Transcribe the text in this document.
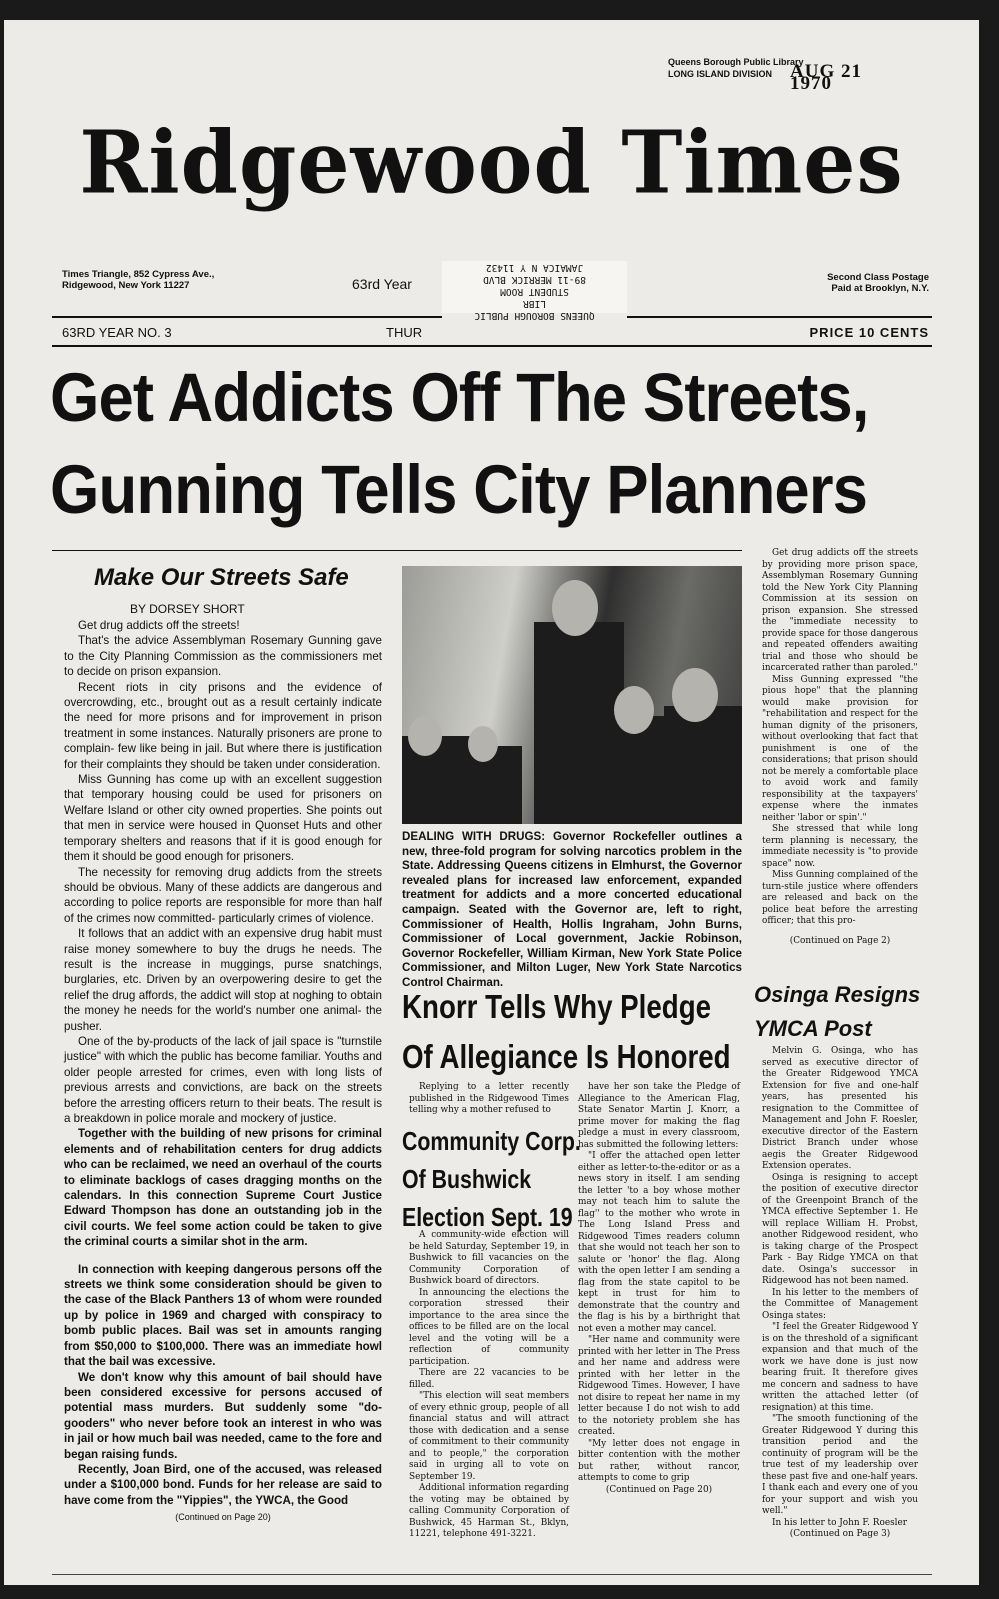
Queens Borough Public Library
LONG ISLAND DIVISION AUG 21 1970
Ridgewood Times
Times Triangle, 852 Cypress Ave.,
Ridgewood, New York 11227	63rd Year
JAMAICA N Y 11432
89-11 MERRICK BLVD
STUDENT ROOM
LIBR
QUEENS BOROUGH PUBLIC
Second Class Postage
Paid at Brooklyn, N.Y.
63RD YEAR NO. 3	THUR	PRICE 10 CENTS
Get Addicts Off The Streets,
Gunning Tells City Planners
Make Our Streets Safe
BY DORSEY SHORT

Get drug addicts off the streets!

That's the advice Assemblyman Rosemary Gunning gave to the City Planning Commission as the commissioners met to decide on prison expansion.

Recent riots in city prisons and the evidence of overcrowding, etc., brought out as a result certainly indicate the need for more prisons and for improvement in prison treatment in some instances. Naturally prisoners are prone to complain- few like being in jail. But where there is justification for their complaints they should be taken under consideration.

Miss Gunning has come up with an excellent suggestion that temporary housing could be used for prisoners on Welfare Island or other city owned properties. She points out that men in service were housed in Quonset Huts and other temporary shelters and reasons that if it is good enough for them it should be good enough for prisoners.

The necessity for removing drug addicts from the streets should be obvious. Many of these addicts are dangerous and according to police reports are responsible for more than half of the crimes now committed- particularly crimes of violence.

It follows that an addict with an expensive drug habit must raise money somewhere to buy the drugs he needs. The result is the increase in muggings, purse snatchings, burglaries, etc. Driven by an overpowering desire to get the relief the drug affords, the addict will stop at noghing to obtain the money he needs for the world's number one animal- the pusher.

One of the by-products of the lack of jail space is "turnstile justice" with which the public has become familiar. Youths and older people arrested for crimes, even with long lists of previous arrests and convictions, are back on the streets before the arresting officers return to their beats. The result is a breakdown in police morale and mockery of justice.

Together with the building of new prisons for criminal elements and of rehabilitation centers for drug addicts who can be reclaimed, we need an overhaul of the courts to eliminate backlogs of cases dragging months on the calendars. In this connection Supreme Court Justice Edward Thompson has done an outstanding job in the civil courts. We feel some action could be taken to give the criminal courts a similar shot in the arm.

In connection with keeping dangerous persons off the streets we think some consideration should be given to the case of the Black Panthers 13 of whom were rounded up by police in 1969 and charged with conspiracy to bomb public places. Bail was set in amounts ranging from $50,000 to $100,000. There was an immediate howl that the bail was excessive.

We don't know why this amount of bail should have been considered excessive for persons accused of potential mass murders. But suddenly some "do-gooders" who never before took an interest in who was in jail or how much bail was needed, came to the fore and began raising funds.

Recently, Joan Bird, one of the accused, was released under a $100,000 bond. Funds for her release are said to have come from the "Yippies", the YWCA, the Good

(Continued on Page 20)

DEALING WITH DRUGS: Governor Rockefeller outlines a new, three-fold program for solving narcotics problem in the State. Addressing Queens citizens in Elmhurst, the Governor revealed plans for increased law enforcement, expanded treatment for addicts and a more concerted educational campaign. Seated with the Governor are, left to right, Commissioner of Health, Hollis Ingraham, John Burns, Commissioner of Local government, Jackie Robinson, Governor Rockefeller, William Kirman, New York State Police Commissioner, and Milton Luger, New York State Narcotics Control Chairman.
Knorr Tells Why Pledge
Of Allegiance Is Honored

Replying to a letter recently published in the Ridgewood Times telling why a mother refused to

Community Corp.
Of Bushwick
Election Sept. 19

A community-wide election will be held Saturday, September 19, in Bushwick to fill vacancies on the Community Corporation of Bushwick board of directors.

In announcing the elections the corporation stressed their importance to the area since the offices to be filled are on the local level and the voting will be a reflection of community participation.

There are 22 vacancies to be filled.

"This election will seat members of every ethnic group, people of all financial status and will attract those with dedication and a sense of commitment to their community and to people," the corporation said in urging all to vote on September 19.

Additional information regarding the voting may be obtained by calling Community Corporation of Bushwick, 45 Harman St., Bklyn, 11221, telephone 491-3221.

have her son take the Pledge of Allegiance to the American Flag, State Senator Martin J. Knorr, a prime mover for making the flag pledge a must in every classroom, has submitted the following letters:

"I offer the attached open letter either as letter-to-the-editor or as a news story in itself. I am sending the letter 'to a boy whose mother may not teach him to salute the flag'' to the mother who wrote in The Long Island Press and Ridgewood Times readers column that she would not teach her son to salute or 'honor' the flag. Along with the open letter I am sending a flag from the state capitol to be kept in trust for him to demonstrate that the country and the flag is his by a birthright that not even a mother may cancel.

"Her name and community were printed with her letter in The Press and her name and address were printed with her letter in the Ridgewood Times. However, I have not disire to repeat her name in my letter because I do not wish to add to the notoriety problem she has created.

"My letter does not engage in bitter contention with the mother but rather, without rancor, attempts to come to grip

(Continued on Page 20)

Get drug addicts off the streets by providing more prison space, Assemblyman Rosemary Gunning told the New York City Planning Commission at its session on prison expansion. She stressed the "immediate necessity to provide space for those dangerous and repeated offenders awaiting trial and those who should be incarcerated rather than paroled."

Miss Gunning expressed "the pious hope" that the planning would make provision for "rehabilitation and respect for the human dignity of the prisoners, without overlooking that fact that punishment is one of the considerations; that prison should not be merely a comfortable place to avoid work and family responsibility at the taxpayers' expense where the inmates neither 'labor or spin'."

She stressed that while long term planning is necessary, the immediate necessity is "to provide space" now.

Miss Gunning complained of the turn-stile justice where offenders are released and back on the police beat before the arresting officer; that this pro-

(Continued on Page 2)

Osinga Resigns
YMCA Post

Melvin G. Osinga, who has served as executive director of the Greater Ridgewood YMCA Extension for five and one-half years, has presented his resignation to the Committee of Management and John F. Roesler, executive director of the Eastern District Branch under whose aegis the Greater Ridgewood Extension operates.

Osinga is resigning to accept the position of executive director of the Greenpoint Branch of the YMCA effective September 1. He will replace William H. Probst, another Ridgewood resident, who is taking charge of the Prospect Park - Bay Ridge YMCA on that date. Osinga's successor in Ridgewood has not been named.

In his letter to the members of the Committee of Management Osinga states:

"I feel the Greater Ridgewood Y is on the threshold of a significant expansion and that much of the work we have done is just now bearing fruit. It therefore gives me concern and sadness to have written the attached letter (of resignation) at this time.

"The smooth functioning of the Greater Ridgewood Y during this transition period and the continuity of program will be the true test of my leadership over these past five and one-half years. I thank each and every one of you for your support and wish you well."

In his letter to John F. Roesler

(Continued on Page 3)
